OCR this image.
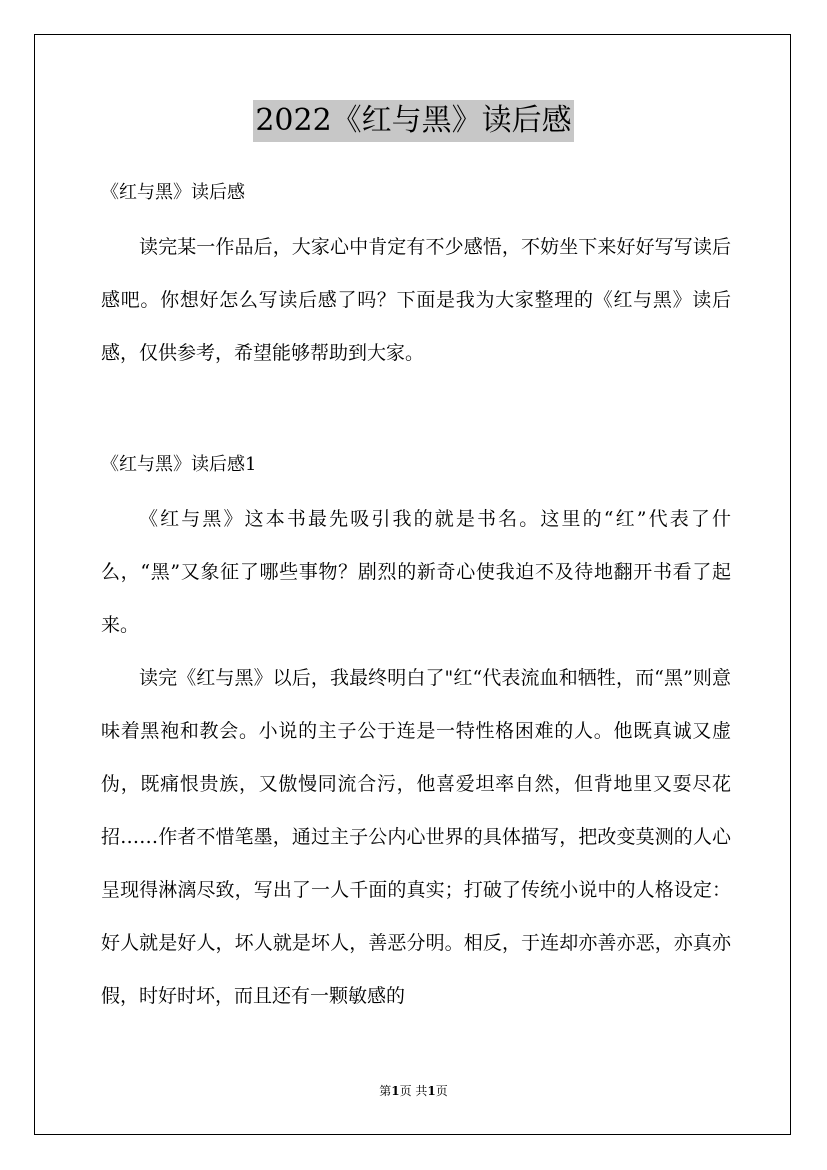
2022《红与黑》读后感
《红与黑》读后感

读完某一作品后，大家心中肯定有不少感悟，不妨坐下来好好写写读后感吧。你想好怎么写读后感了吗？下面是我为大家整理的《红与黑》读后感，仅供参考，希望能够帮助到大家。

《红与黑》读后感1

《红与黑》这本书最先吸引我的就是书名。这里的“红”代表了什么，“黑”又象征了哪些事物？剧烈的新奇心使我迫不及待地翻开书看了起来。

读完《红与黑》以后，我最终明白了"红“代表流血和牺牲，而“黑”则意味着黑袍和教会。小说的主子公于连是一特性格困难的人。他既真诚又虚伪，既痛恨贵族，又傲慢同流合污，他喜爱坦率自然，但背地里又耍尽花招……作者不惜笔墨，通过主子公内心世界的具体描写，把改变莫测的人心呈现得淋漓尽致，写出了一人千面的真实；打破了传统小说中的人格设定：好人就是好人，坏人就是坏人，善恶分明。相反，于连却亦善亦恶，亦真亦假，时好时坏，而且还有一颗敏感的

第1页 共1页
